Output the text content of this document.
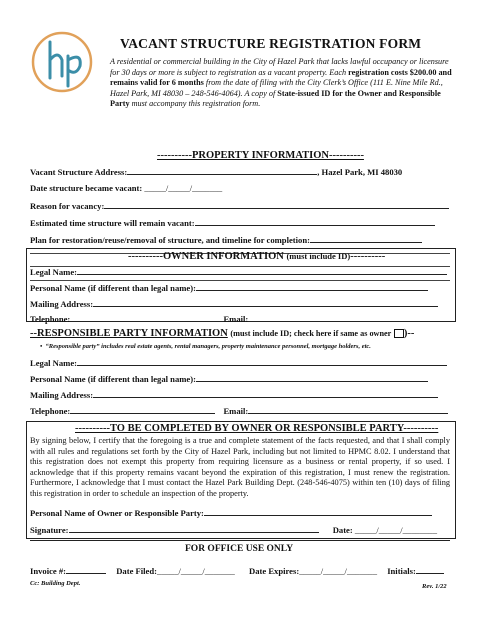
VACANT STRUCTURE REGISTRATION FORM
A residential or commercial building in the City of Hazel Park that lacks lawful occupancy or licensure for 30 days or more is subject to registration as a vacant property. Each registration costs $200.00 and remains valid for 6 months from the date of filing with the City Clerk’s Office (111 E. Nine Mile Rd., Hazel Park, MI 48030 – 248-546-4064). A copy of State-issued ID for the Owner and Responsible Party must accompany this registration form.
----------PROPERTY INFORMATION----------
Vacant Structure Address:	, Hazel Park, MI 48030
Date structure became vacant: _____/_____/_______
Reason for vacancy:
Estimated time structure will remain vacant:
Plan for restoration/reuse/removal of structure, and timeline for completion:
----------OWNER INFORMATION (must include ID)----------
Legal Name:
Personal Name (if different than legal name):
Mailing Address:
Telephone:	Email:
--RESPONSIBLE PARTY INFORMATION (must include ID; check here if same as owner )--
•  “Responsible party” includes real estate agents, rental managers, property maintenance personnel, mortgage holders, etc.
Legal Name:
Personal Name (if different than legal name):
Mailing Address:
Telephone:	Email:
----------TO BE COMPLETED BY OWNER OR RESPONSIBLE PARTY----------
By signing below, I certify that the foregoing is a true and complete statement of the facts requested, and that I shall comply with all rules and regulations set forth by the City of Hazel Park, including but not limited to HPMC 8.02. I understand that this registration does not exempt this property from requiring licensure as a business or rental property, if so used. I acknowledge that if this property remains vacant beyond the expiration of this registration, I must renew the registration. Furthermore, I acknowledge that I must contact the Hazel Park Building Dept. (248-546-4075) within ten (10) days of filing this registration in order to schedule an inspection of the property.
Personal Name of Owner or Responsible Party:
Signature:	Date: _____/_____/________
FOR OFFICE USE ONLY
Invoice #:	Date Filed:_____/_____/_______ Date Expires:_____/_____/_______ Initials:
Cc: Building Dept.	Rev. 1/22
